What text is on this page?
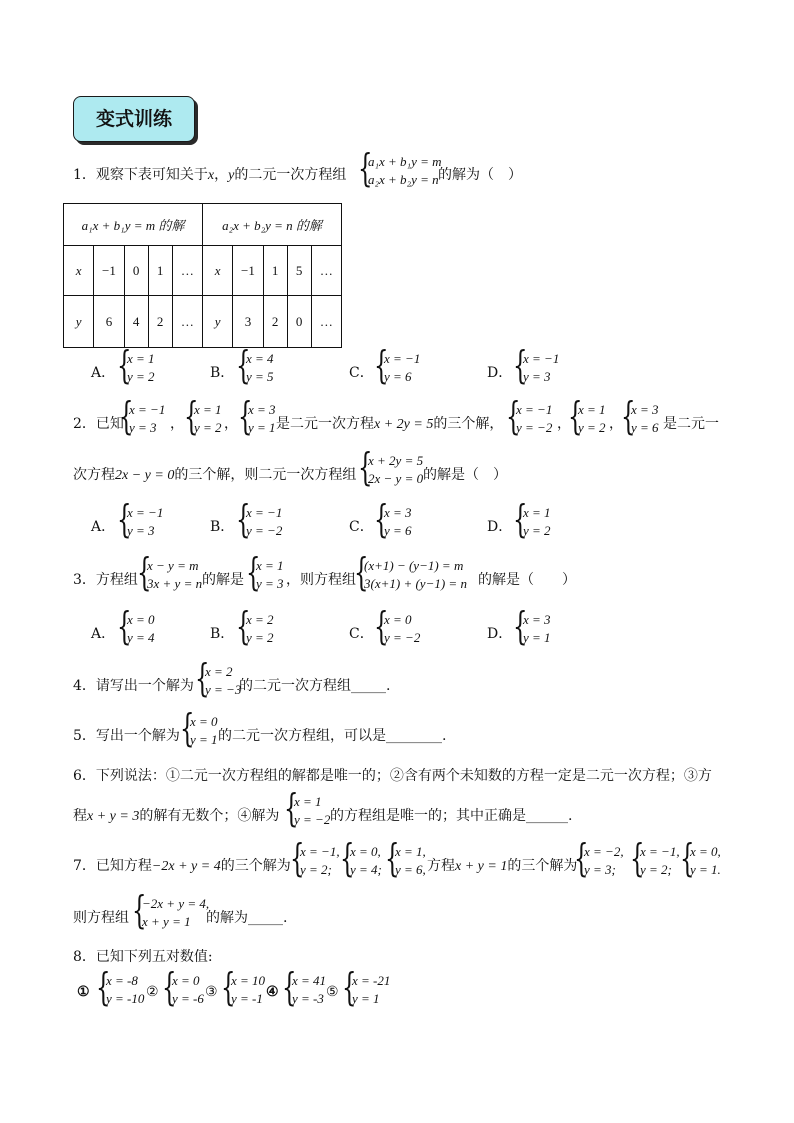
变式训练
1．观察下表可知关于x，y的二元一次方程组 {
a₁x + b₁y = m
a₂x + b₂y = n 的解为（　）
a₁x + b₁y = m 的解					a₂x + b₂y = n 的解				
x	−1	0	1	…	x	−1	1	5	…
y	6	4	2	…	y	3	2	0	…
A． {
x = 1
y = 2	B． {
x = 4
y = 5	C． {
x = −1
y = 6	D． {
x = −1
y = 3
2．已知
{
x = −1
y = 3 ， {
x = 1
y = 2 ， {
x = 3
y = 1 是二元一次方程x + 2y = 5的三个解， {
x = −1
y = −2 ，
{
x = 1
y = 2 ，
{
x = 3
y = 6 是二元一
次方程2x − y = 0的三个解，则二元一次方程组 {
x + 2y = 5
2x − y = 0 的解是（　）
A． {
x = −1
y = 3	B． {
x = −1
y = −2	C． {
x = 3
y = 6	D． {
x = 1
y = 2
3．方程组 {
x − y = m
3x + y = n 的解是 {
x = 1
y = 3 ，则方程组
{
(x+1) − (y−1) = m
3(x+1) + (y−1) = n 的解是（　　）
A． {
x = 0
y = 4	B． {
x = 2
y = 2	C． {
x = 0
y = −2	D． {
x = 3
y = 1
4．请写出一个解为 {
x = 2
y = −3
的二元一次方程组_____.
5．写出一个解为 {
x = 0
y = 1 的二元一次方程组，可以是________.
6．下列说法：①二元一次方程组的解都是唯一的；②含有两个未知数的方程一定是二元一次方程；③方
程x + y = 3的解有无数个；④解为 {
x = 1
y = −2 的方程组是唯一的；其中正确是______.
7．已知方程−2x + y = 4的三个解为 {
x = −1,
y = 2; {
x = 0,
y = 4; {
x = 1,
y = 6, 方程x + y = 1的三个解为
{
x = −2,
y = 3; {
x = −1,
y = 2; {
x = 0,
y = 1.
则方程组 {
−2x + y = 4,
x + y = 1	的解为_____.
8．已知下列五对数值:
① {
x = -8
y = -10 ② {
x = 0
y = -6 ③ {
x = 10
y = -1 ④ {
x = 41
y = -3 ⑤ {
x = -21
y = 1
